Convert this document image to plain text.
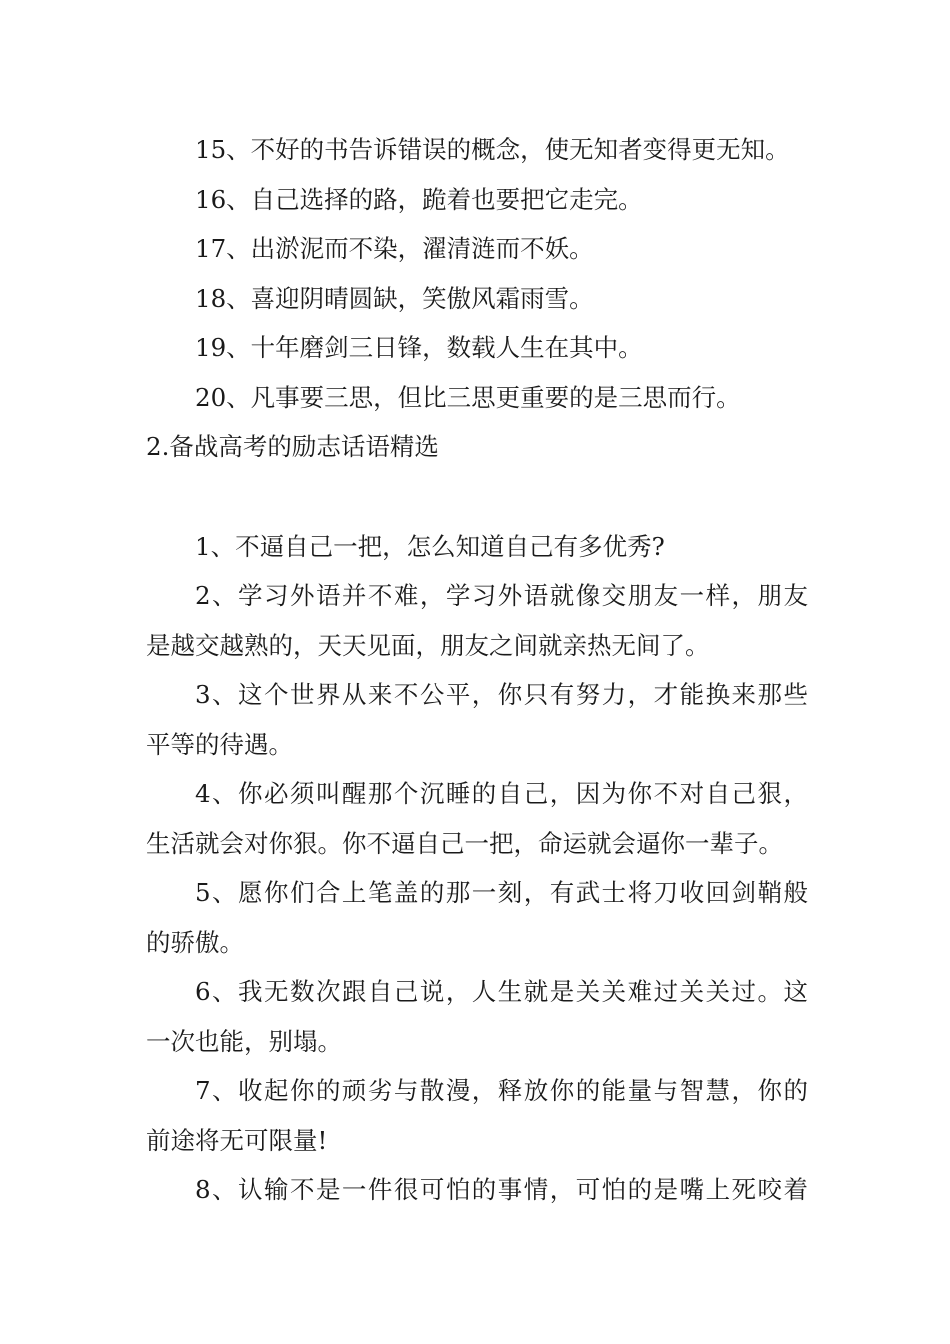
15、不好的书告诉错误的概念，使无知者变得更无知。
16、自己选择的路，跪着也要把它走完。
17、出淤泥而不染，濯清涟而不妖。
18、喜迎阴晴圆缺，笑傲风霜雨雪。
19、十年磨剑三日锋，数载人生在其中。
20、凡事要三思，但比三思更重要的是三思而行。
2.备战高考的励志话语精选
1、不逼自己一把，怎么知道自己有多优秀?
2、学习外语并不难，学习外语就像交朋友一样，朋友
是越交越熟的，天天见面，朋友之间就亲热无间了。
3、这个世界从来不公平，你只有努力，才能换来那些
平等的待遇。
4、你必须叫醒那个沉睡的自己，因为你不对自己狠，
生活就会对你狠。你不逼自己一把，命运就会逼你一辈子。
5、愿你们合上笔盖的那一刻，有武士将刀收回剑鞘般
的骄傲。
6、我无数次跟自己说，人生就是关关难过关关过。这
一次也能，别塌。
7、收起你的顽劣与散漫，释放你的能量与智慧，你的
前途将无可限量!
8、认输不是一件很可怕的事情，可怕的是嘴上死咬着
